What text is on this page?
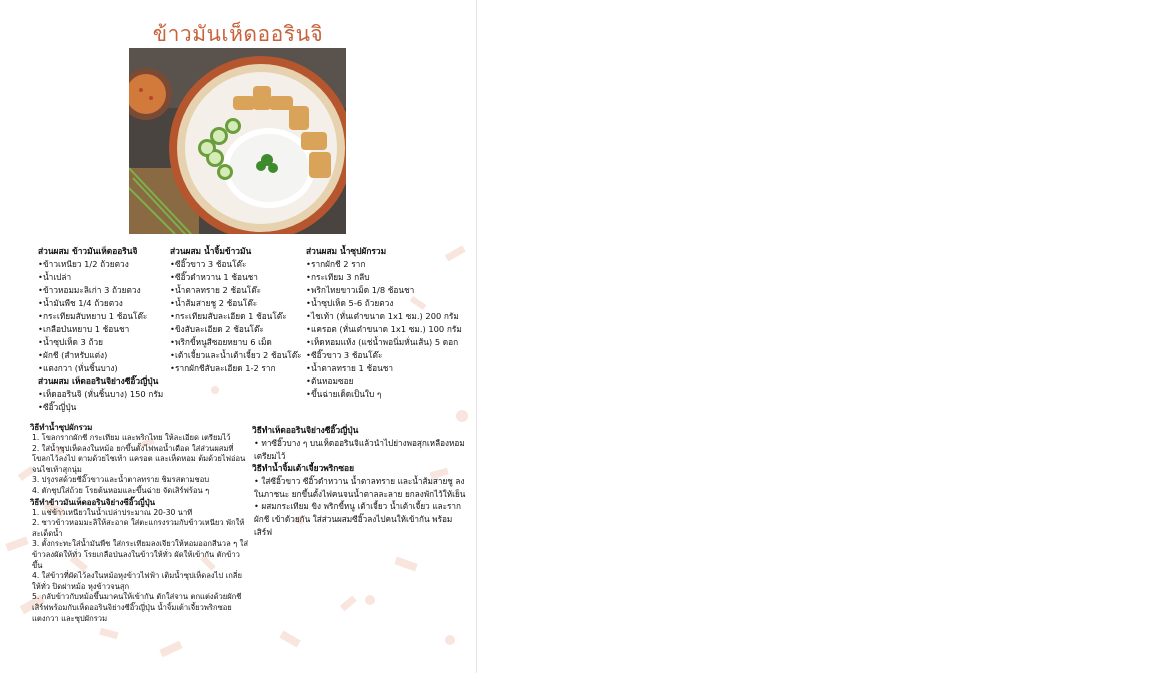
ข้าวมันเห็ดออรินจิ
ส่วนผสม ข้าวมันเห็ดออรินจิ
• ข้าวเหนียว 1/2 ถ้วยตวง
• น้ำเปล่า
• ข้าวหอมมะลิเก่า 3 ถ้วยตวง
• น้ำมันพืช 1/4 ถ้วยตวง
• กระเทียมสับหยาบ 1 ช้อนโต๊ะ
• เกลือป่นหยาบ 1 ช้อนชา
• น้ำซุปเห็ด 3 ถ้วย
• ผักชี (สำหรับแต่ง)
• แตงกวา (หั่นชิ้นบาง)
ส่วนผสม เห็ดออรินจิย่างซีอิ๊วญี่ปุ่น
• เห็ดออรินจิ (หั่นชิ้นบาง) 150 กรัม
• ซีอิ๊วญี่ปุ่น
ส่วนผสม น้ำจิ้มข้าวมัน
• ซีอิ๊วขาว 3 ช้อนโต๊ะ
• ซีอิ๊วดำหวาน 1 ช้อนชา
• น้ำตาลทราย 2 ช้อนโต๊ะ
• น้ำส้มสายชู 2 ช้อนโต๊ะ
• กระเทียมสับละเอียด 1 ช้อนโต๊ะ
• ขิงสับละเอียด 2 ช้อนโต๊ะ
• พริกขี้หนูสีซอยหยาบ 6 เม็ด
• เต้าเจี้ยวและน้ำเต้าเจี้ยว 2 ช้อนโต๊ะ
• รากผักชีสับละเอียด 1-2 ราก
ส่วนผสม น้ำซุปผักรวม
• รากผักชี 2 ราก
• กระเทียม 3 กลีบ
• พริกไทยขาวเม็ด 1/8 ช้อนชา
• น้ำซุปเห็ด 5-6 ถ้วยตวง
• ไชเท้า (หั่นเต๋าขนาด 1x1 ซม.) 200 กรัม
• แครอต (หั่นเต๋าขนาด 1x1 ซม.) 100 กรัม
• เห็ดหอมแห้ง (แช่น้ำพอนิ่มหั่นเส้น) 5 ดอก
• ซีอิ๊วขาว 3 ช้อนโต๊ะ
• น้ำตาลทราย 1 ช้อนชา
• ต้นหอมซอย
• ขึ้นฉ่ายเด็ดเป็นใบ ๆ
วิธีทำน้ำซุปผักรวม

1. โขลกรากผักชี กระเทียม และพริกไทย ให้ละเอียด เตรียมไว้

2. ใส่น้ำซุปเห็ดลงในหม้อ ยกขึ้นตั้งไฟพอน้ำเดือด ใส่ส่วนผสมที่โขลกไว้ลงไป ตามด้วยไชเท้า แครอต และเห็ดหอม ต้มด้วยไฟอ่อนจนไชเท้าสุกนุ่ม

3. ปรุงรสด้วยซีอิ๊วขาวและน้ำตาลทราย ชิมรสตามชอบ

4. ตักชุปใส่ถ้วย โรยต้นหอมและขึ้นฉ่าย จัดเสิร์ฟร้อน ๆ

วิธีทำข้าวมันเห็ดออรินจิย่างซีอิ๊วญี่ปุ่น

1. แช่ข้าวเหนียวในน้ำเปล่าประมาณ 20-30 นาที

2. ซาวข้าวหอมมะลิให้สะอาด ใส่ตะแกรงรวมกับข้าวเหนียว พักให้สะเด็ดน้ำ

3. ตั้งกระทะใส่น้ำมันพืช ใส่กระเทียมลงเจียวให้หอมออกสีนวล ๆ ใส่ข้าวลงผัดให้ทั่ว โรยเกลือป่นลงในข้าวให้ทั่ว ผัดให้เข้ากัน ตักข้าวขึ้น

4. ใส่ข้าวที่ผัดไว้ลงในหม้อหุงข้าวไฟฟ้า เติมน้ำซุปเห็ดลงไป เกลี่ยให้ทั่ว ปิดฝาหม้อ หุงข้าวจนสุก

5. กลับข้าวกับหม้อขึ้นมาคนให้เข้ากัน ตักใส่จาน ตกแต่งด้วยผักชี เสิร์ฟพร้อมกับเห็ดออรินจิย่างซีอิ๊วญี่ปุ่น น้ำจิ้มเต้าเจี้ยวพริกซอย แตงกวา และซุปผักรวม

วิธีทำเห็ดออรินจิย่างซีอิ๊วญี่ปุ่น

• ทาซีอิ๊วบาง ๆ บนเห็ดออรินจิแล้วนำไปย่างพอสุกเหลืองหอม เตรียมไว้

วิธีทำน้ำจิ้มเต้าเจี้ยวพริกซอย

• ใส่ซีอิ๊วขาว ซีอิ๊วดำหวาน น้ำตาลทราย และน้ำส้มสายชู ลงในภาชนะ ยกขึ้นตั้งไฟคนจนน้ำตาลละลาย ยกลงพักไว้ให้เย็น

• ผสมกระเทียม ขิง พริกขี้หนู เต้าเจี้ยว น้ำเต้าเจี้ยว และรากผักชี เข้าด้วยกัน ใส่ส่วนผสมซีอิ๊วลงไปคนให้เข้ากัน พร้อมเสิร์ฟ
